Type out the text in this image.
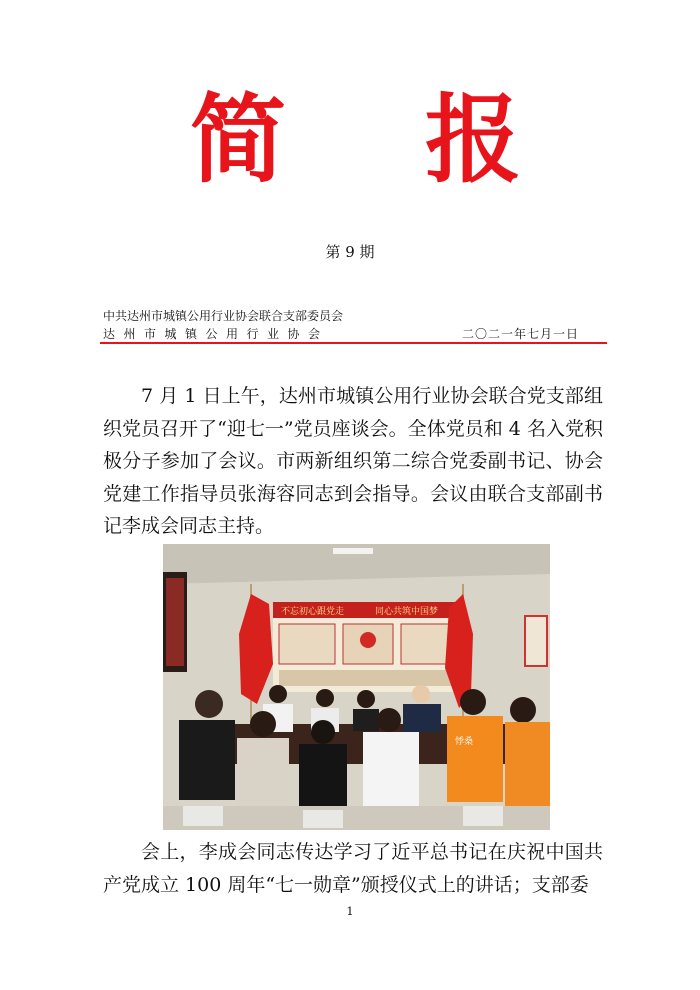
简 报
第 9 期
中共达州市城镇公用行业协会联合支部委员会
达州市城镇公用行业协会	二〇二一年七月一日

7 月 1 日上午，达州市城镇公用行业协会联合党支部组织党员召开了“迎七一”党员座谈会。全体党员和 4 名入党积极分子参加了会议。市两新组织第二综合党委副书记、协会党建工作指导员张海容同志到会指导。会议由联合支部副书记李成会同志主持。

不忘初心跟党走	同心共筑中国梦
悸桑

会上，李成会同志传达学习了近平总书记在庆祝中国共产党成立 100 周年“七一勋章”颁授仪式上的讲话；支部委

1
